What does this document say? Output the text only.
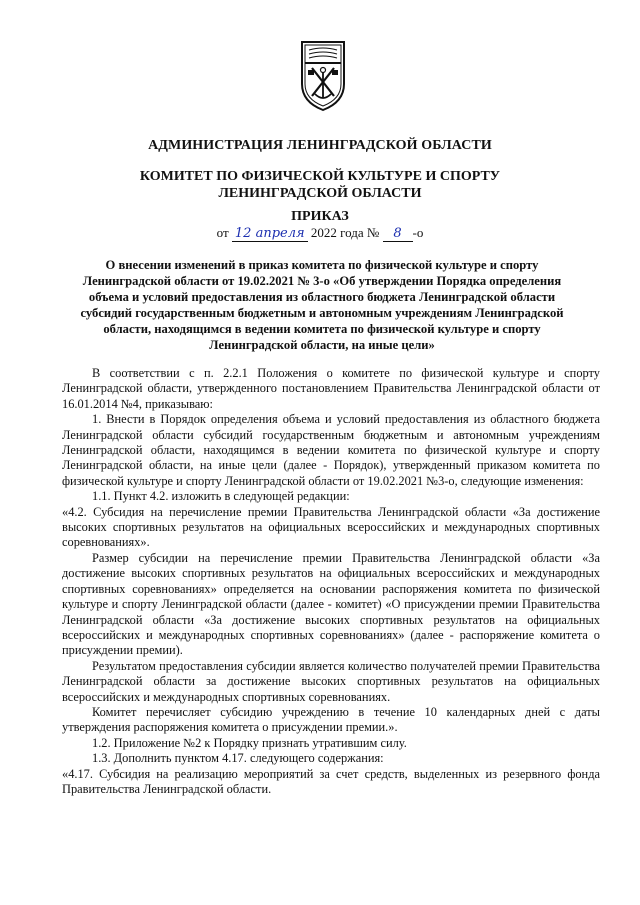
АДМИНИСТРАЦИЯ ЛЕНИНГРАДСКОЙ ОБЛАСТИ
КОМИТЕТ ПО ФИЗИЧЕСКОЙ КУЛЬТУРЕ И СПОРТУ
ЛЕНИНГРАДСКОЙ ОБЛАСТИ
ПРИКАЗ
от 12 апреля 2022 года № 8 -о
О внесении изменений в приказ комитета по физической культуре и спорту Ленинградской области от 19.02.2021 № 3-о «Об утверждении Порядка определения объема и условий предоставления из областного бюджета Ленинградской области субсидий государственным бюджетным и автономным учреждениям Ленинградской области, находящимся в ведении комитета по физической культуре и спорту Ленинградской области, на иные цели»

В соответствии с п. 2.2.1 Положения о комитете по физической культуре и спорту Ленинградской области, утвержденного постановлением Правительства Ленинградской области от 16.01.2014 №4, приказываю:

1. Внести в Порядок определения объема и условий предоставления из областного бюджета Ленинградской области субсидий государственным бюджетным и автономным учреждениям Ленинградской области, находящимся в ведении комитета по физической культуре и спорту Ленинградской области, на иные цели (далее - Порядок), утвержденный приказом комитета по физической культуре и спорту Ленинградской области от 19.02.2021 №3-о, следующие изменения:

1.1. Пункт 4.2. изложить в следующей редакции:

«4.2. Субсидия на перечисление премии Правительства Ленинградской области «За достижение высоких спортивных результатов на официальных всероссийских и международных спортивных соревнованиях».

Размер субсидии на перечисление премии Правительства Ленинградской области «За достижение высоких спортивных результатов на официальных всероссийских и международных спортивных соревнованиях» определяется на основании распоряжения комитета по физической культуре и спорту Ленинградской области (далее - комитет) «О присуждении премии Правительства Ленинградской области «За достижение высоких спортивных результатов на официальных всероссийских и международных спортивных соревнованиях» (далее - распоряжение комитета о присуждении премии).

Результатом предоставления субсидии является количество получателей премии Правительства Ленинградской области за достижение высоких спортивных результатов на официальных всероссийских и международных спортивных соревнованиях.

Комитет перечисляет субсидию учреждению в течение 10 календарных дней с даты утверждения распоряжения комитета о присуждении премии.».

1.2. Приложение №2 к Порядку признать утратившим силу.

1.3. Дополнить пунктом 4.17. следующего содержания:

«4.17. Субсидия на реализацию мероприятий за счет средств, выделенных из резервного фонда Правительства Ленинградской области.
